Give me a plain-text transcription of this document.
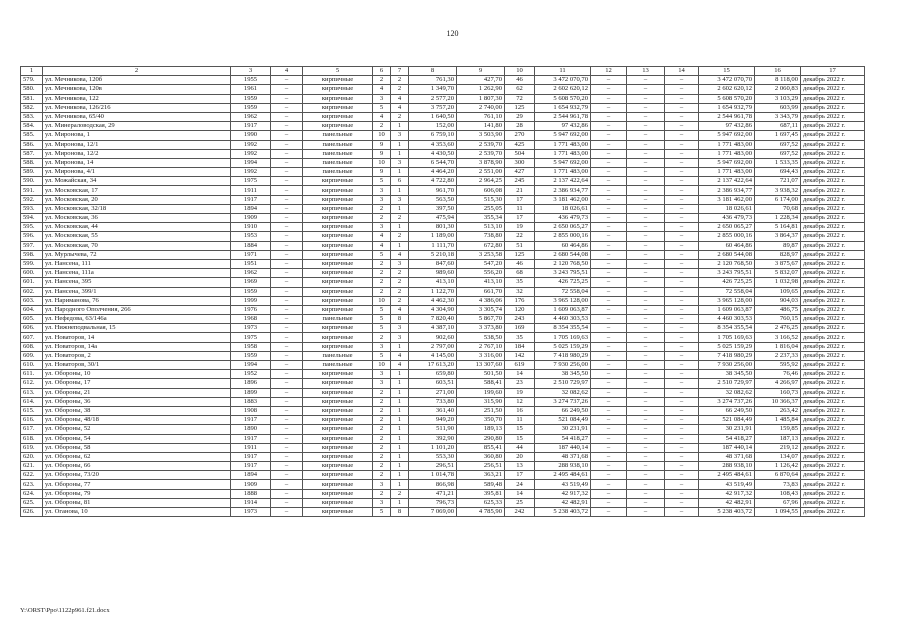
120
1	2	3	4	5	6	7	8	9	10	11	12	13	14	15	16	17
579.	ул. Мечникова, 120б	1955	–	кирпичные	2	2	761,30	427,70	46	3 472 070,70	–	–	–	3 472 070,70	8 118,00	декабрь 2022 г.
580.	ул. Мечникова, 120в	1961	–	кирпичные	4	2	1 349,70	1 262,90	62	2 602 620,12	–	–	–	2 602 620,12	2 060,83	декабрь 2022 г.
581.	ул. Мечникова, 122	1959	–	кирпичные	3	4	2 577,20	1 807,30	72	5 608 570,20	–	–	–	5 608 570,20	3 103,29	декабрь 2022 г.
582.	ул. Мечникова, 126/216	1959	–	кирпичные	5	4	3 757,20	2 740,00	125	1 654 932,79	–	–	–	1 654 932,79	603,99	декабрь 2022 г.
583.	ул. Мечникова, 65/40	1962	–	кирпичные	4	2	1 640,50	761,10	29	2 544 961,78	–	–	–	2 544 961,78	3 343,79	декабрь 2022 г.
584.	ул. Минераловодская, 29	1917	–	кирпичные	2	1	152,00	141,80	28	97 432,86	–	–	–	97 432,86	687,11	декабрь 2022 г.
585.	ул. Миронова, 1	1990	–	панельные	10	3	6 759,10	3 503,90	270	5 947 692,00	–	–	–	5 947 692,00	1 697,45	декабрь 2022 г.
586.	ул. Миронова, 12/1	1992	–	панельные	9	1	4 353,60	2 539,70	425	1 771 483,00	–	–	–	1 771 483,00	697,52	декабрь 2022 г.
587.	ул. Миронова, 12/2	1992	–	панельные	9	1	4 430,50	2 539,70	504	1 771 483,00	–	–	–	1 771 483,00	697,52	декабрь 2022 г.
588.	ул. Миронова, 14	1994	–	панельные	10	3	6 544,70	3 878,90	300	5 947 692,00	–	–	–	5 947 692,00	1 533,35	декабрь 2022 г.
589.	ул. Миронова, 4/1	1992	–	панельные	9	1	4 464,20	2 551,00	427	1 771 483,00	–	–	–	1 771 483,00	694,43	декабрь 2022 г.
590.	ул. Можайская, 34	1975	–	кирпичные	5	6	4 722,80	2 964,25	245	2 137 422,64	–	–	–	2 137 422,64	721,07	декабрь 2022 г.
591.	ул. Московская, 17	1911	–	кирпичные	3	1	961,70	606,08	21	2 386 934,77	–	–	–	2 386 934,77	3 938,32	декабрь 2022 г.
592.	ул. Московская, 20	1917	–	кирпичные	3	3	563,50	515,30	17	3 181 462,00	–	–	–	3 181 462,00	6 174,00	декабрь 2022 г.
593.	ул. Московская, 32/18	1894	–	кирпичные	2	1	397,50	255,05	11	18 026,61	–	–	–	18 026,61	70,68	декабрь 2022 г.
594.	ул. Московская, 36	1909	–	кирпичные	2	2	475,94	355,34	17	436 479,73	–	–	–	436 479,73	1 228,34	декабрь 2022 г.
595.	ул. Московская, 44	1910	–	кирпичные	3	1	801,30	513,10	19	2 650 065,27	–	–	–	2 650 065,27	5 164,81	декабрь 2022 г.
596.	ул. Московская, 55	1953	–	кирпичные	4	2	1 189,00	738,80	22	2 855 000,16	–	–	–	2 855 000,16	3 864,37	декабрь 2022 г.
597.	ул. Московская, 70	1884	–	кирпичные	4	1	1 111,70	672,80	51	60 464,86	–	–	–	60 464,86	89,87	декабрь 2022 г.
598.	ул. Мурлычева, 72	1971	–	кирпичные	5	4	5 210,18	3 253,58	125	2 680 544,08	–	–	–	2 680 544,08	828,97	декабрь 2022 г.
599.	ул. Нансена, 111	1951	–	кирпичные	2	3	847,60	547,20	46	2 120 768,50	–	–	–	2 120 768,50	3 875,67	декабрь 2022 г.
600.	ул. Нансена, 111а	1962	–	кирпичные	2	2	989,60	556,20	68	3 243 795,51	–	–	–	3 243 795,51	5 832,07	декабрь 2022 г.
601.	ул. Нансена, 395	1969	–	кирпичные	2	2	413,10	413,10	35	426 725,25	–	–	–	426 725,25	1 032,98	декабрь 2022 г.
602.	ул. Нансена, 399/1	1959	–	кирпичные	2	2	1 122,70	661,70	32	72 558,04	–	–	–	72 558,04	109,65	декабрь 2022 г.
603.	ул. Нариманова, 76	1999	–	кирпичные	10	2	4 462,30	4 386,06	176	3 965 128,00	–	–	–	3 965 128,00	904,03	декабрь 2022 г.
604.	ул. Народного Ополчения, 266	1976	–	кирпичные	5	4	4 304,90	3 305,74	120	1 609 063,87	–	–	–	1 609 063,87	486,75	декабрь 2022 г.
605.	ул. Нефедова, 63/146а	1968	–	панельные	5	8	7 820,40	5 867,70	243	4 460 303,53	–	–	–	4 460 303,53	760,15	декабрь 2022 г.
606.	ул. Нижнеподвальная, 15	1973	–	кирпичные	5	3	4 387,10	3 373,80	169	8 354 355,54	–	–	–	8 354 355,54	2 476,25	декабрь 2022 г.
607.	ул. Новаторов, 14	1975	–	кирпичные	2	3	902,60	538,50	35	1 705 169,63	–	–	–	1 705 169,63	3 166,52	декабрь 2022 г.
608.	ул. Новаторов, 14а	1958	–	кирпичные	3	1	2 797,00	2 767,10	184	5 025 159,29	–	–	–	5 025 159,29	1 816,04	декабрь 2022 г.
609.	ул. Новаторов, 2	1959	–	панельные	5	4	4 145,00	3 316,00	142	7 418 980,29	–	–	–	7 418 980,29	2 237,33	декабрь 2022 г.
610.	ул. Новаторов, 30/1	1994	–	панельные	10	4	17 613,20	13 307,60	619	7 930 256,00	–	–	–	7 930 256,00	595,92	декабрь 2022 г.
611.	ул. Обороны, 10	1952	–	кирпичные	3	1	659,80	501,50	14	38 345,50	–	–	–	38 345,50	76,46	декабрь 2022 г.
612.	ул. Обороны, 17	1896	–	кирпичные	3	1	603,51	588,41	23	2 510 729,97	–	–	–	2 510 729,97	4 266,97	декабрь 2022 г.
613.	ул. Обороны, 21	1899	–	кирпичные	2	1	271,00	199,60	19	32 082,62	–	–	–	32 082,62	160,73	декабрь 2022 г.
614.	ул. Обороны, 36	1883	–	кирпичные	2	1	733,80	315,90	12	3 274 737,26	–	–	–	3 274 737,26	10 366,37	декабрь 2022 г.
615.	ул. Обороны, 38	1908	–	кирпичные	2	1	361,40	251,50	16	66 249,50	–	–	–	66 249,50	263,42	декабрь 2022 г.
616.	ул. Обороны, 48/18	1917	–	кирпичные	2	1	949,20	350,70	11	521 084,49	–	–	–	521 084,49	1 485,84	декабрь 2022 г.
617.	ул. Обороны, 52	1890	–	кирпичные	2	1	511,90	189,13	15	30 231,91	–	–	–	30 231,91	159,85	декабрь 2022 г.
618.	ул. Обороны, 54	1917	–	кирпичные	2	1	392,90	290,80	15	54 418,27	–	–	–	54 418,27	187,13	декабрь 2022 г.
619.	ул. Обороны, 58	1911	–	кирпичные	2	1	1 101,20	855,41	44	187 440,14	–	–	–	187 440,14	219,12	декабрь 2022 г.
620.	ул. Обороны, 62	1917	–	кирпичные	2	1	553,30	360,80	20	48 371,68	–	–	–	48 371,68	134,07	декабрь 2022 г.
621.	ул. Обороны, 66	1917	–	кирпичные	2	1	296,51	256,51	13	288 938,10	–	–	–	288 938,10	1 126,42	декабрь 2022 г.
622.	ул. Обороны, 73/20	1894	–	кирпичные	2	1	1 014,78	363,21	17	2 495 484,61	–	–	–	2 495 484,61	6 870,64	декабрь 2022 г.
623.	ул. Обороны, 77	1909	–	кирпичные	3	1	866,98	589,48	24	43 519,49	–	–	–	43 519,49	73,83	декабрь 2022 г.
624.	ул. Обороны, 79	1888	–	кирпичные	2	2	471,21	395,81	14	42 917,32	–	–	–	42 917,32	108,43	декабрь 2022 г.
625.	ул. Обороны, 81	1914	–	кирпичные	3	1	796,73	625,33	25	42 482,91	–	–	–	42 482,91	67,96	декабрь 2022 г.
626.	ул. Оганова, 10	1973	–	кирпичные	5	8	7 069,00	4 785,90	242	5 238 403,72	–	–	–	5 238 403,72	1 094,55	декабрь 2022 г.
Y:\ORST\Ppo\1122p961.f21.docx
